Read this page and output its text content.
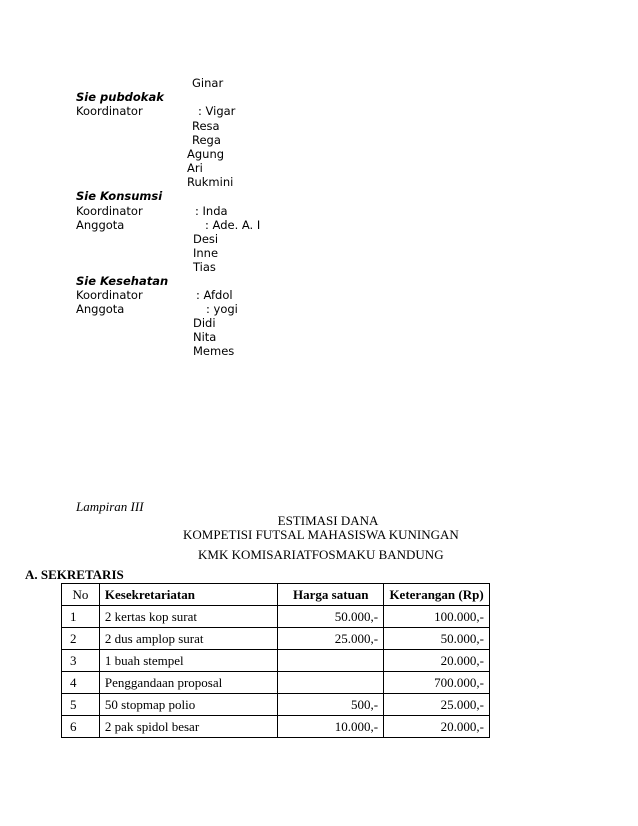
Ginar
Sie pubdokak
Koordinator	: Vigar
Resa
Rega
Agung
Ari
Rukmini
Sie Konsumsi
Koordinator	: Inda
Anggota	: Ade. A. I
Desi
Inne
Tias
Sie Kesehatan
Koordinator	: Afdol
Anggota	: yogi
Didi
Nita
Memes
Lampiran III
ESTIMASI DANA
KOMPETISI FUTSAL MAHASISWA KUNINGAN
KMK KOMISARIATFOSMAKU BANDUNG
A. SEKRETARIS
No	Kesekretariatan	Harga satuan	Keterangan (Rp)
1	2 kertas kop surat	50.000,-	100.000,-
2	2 dus amplop surat	25.000,-	50.000,-
3	1 buah stempel		20.000,-
4	Penggandaan proposal		700.000,-
5	50 stopmap polio	500,-	25.000,-
6	2 pak spidol besar	10.000,-	20.000,-
